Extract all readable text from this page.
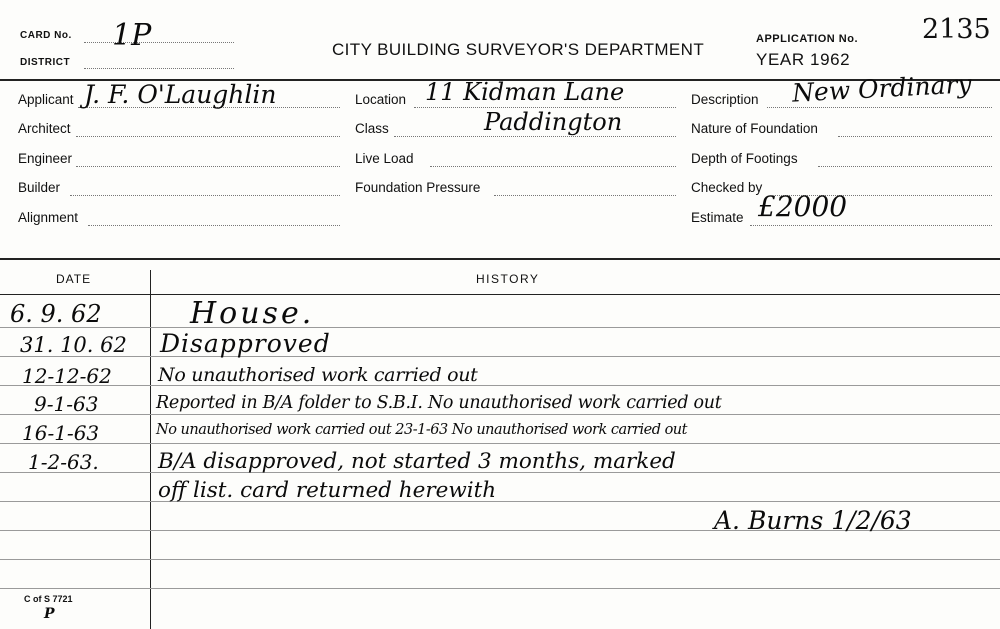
CARD No. 1P
DISTRICT
CITY BUILDING SURVEYOR'S DEPARTMENT
APPLICATION No. 2135
YEAR 1962
Applicant J. F. O'Laughlin
Architect
Engineer
Builder
Alignment
Location 11 Kidman Lane
Class	Paddington
Live Load
Foundation Pressure
Description New Ordinary
Nature of Foundation
Depth of Footings
Checked by
Estimate £2000
DATE	HISTORY
6. 9. 62	House.
31. 10. 62 Disapproved
12-12-62 No unauthorised work carried out
9-1-63	Reported in B/A folder to S.B.I. No unauthorised work carried out
16-1-63	No unauthorised work carried out 23-1-63 No unauthorised work carried out
1-2-63.	B/A disapproved, not started 3 months, marked
off list. card returned herewith
A. Burns 1/2/63
C of S 7721
P
